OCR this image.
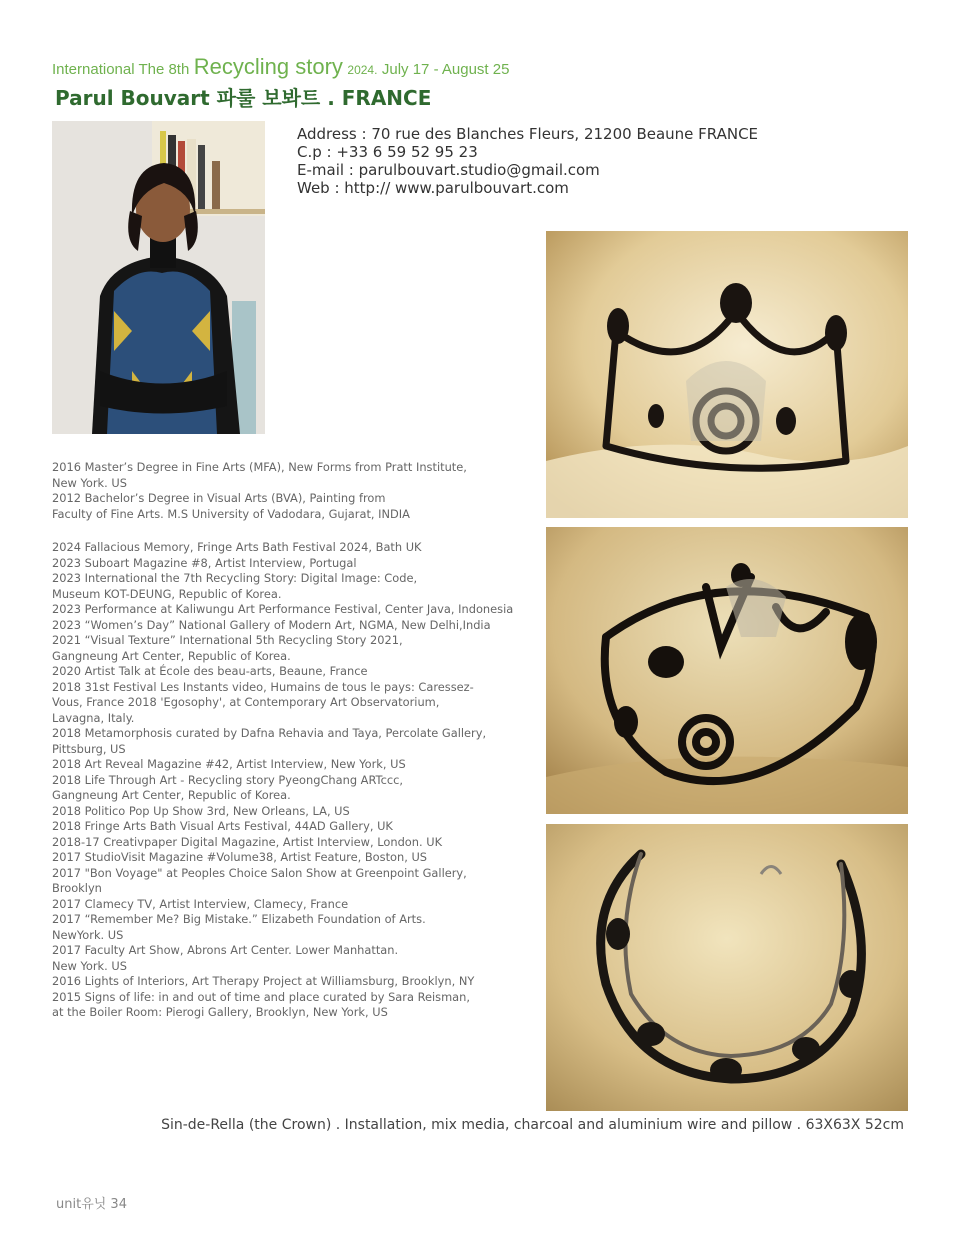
International The 8th Recycling story 2024. July 17 - August 25
Parul Bouvart 파룰 보봐트 . FRANCE
Address : 70 rue des Blanches Fleurs, 21200 Beaune FRANCE
C.p : +33 6 59 52 95 23
E-mail : parulbouvart.studio@gmail.com
Web : http:// www.parulbouvart.com
2016 Master’s Degree in Fine Arts (MFA), New Forms from Pratt Institute,
New York. US
2012 Bachelor’s Degree in Visual Arts (BVA), Painting from
Faculty of Fine Arts. M.S University of Vadodara, Gujarat, INDIA
2024 Fallacious Memory, Fringe Arts Bath Festival 2024, Bath UK
2023 Suboart Magazine #8, Artist Interview, Portugal
2023 International the 7th Recycling Story: Digital Image: Code,
Museum KOT-DEUNG, Republic of Korea.
2023 Performance at Kaliwungu Art Performance Festival, Center Java, Indonesia
2023 “Women’s Day” National Gallery of Modern Art, NGMA, New Delhi,India
2021 “Visual Texture” International 5th Recycling Story 2021,
Gangneung Art Center, Republic of Korea.
2020 Artist Talk at École des beau-arts, Beaune, France
2018 31st Festival Les Instants video, Humains de tous le pays: Caressez-
Vous, France 2018 'Egosophy', at Contemporary Art Observatorium,
Lavagna, Italy.
2018 Metamorphosis curated by Dafna Rehavia and Taya, Percolate Gallery,
Pittsburg, US
2018 Art Reveal Magazine #42, Artist Interview, New York, US
2018 Life Through Art - Recycling story PyeongChang ARTccc,
Gangneung Art Center, Republic of Korea.
2018 Politico Pop Up Show 3rd, New Orleans, LA, US
2018 Fringe Arts Bath Visual Arts Festival, 44AD Gallery, UK
2018-17 Creativpaper Digital Magazine, Artist Interview, London. UK
2017 StudioVisit Magazine #Volume38, Artist Feature, Boston, US
2017 "Bon Voyage" at Peoples Choice Salon Show at Greenpoint Gallery,
Brooklyn
2017 Clamecy TV, Artist Interview, Clamecy, France
2017 “Remember Me? Big Mistake.” Elizabeth Foundation of Arts.
NewYork. US
2017 Faculty Art Show, Abrons Art Center. Lower Manhattan.
New York. US
2016 Lights of Interiors, Art Therapy Project at Williamsburg, Brooklyn, NY
2015 Signs of life: in and out of time and place curated by Sara Reisman,
at the Boiler Room: Pierogi Gallery, Brooklyn, New York, US
Sin-de-Rella (the Crown) . Installation, mix media, charcoal and aluminium wire and pillow . 63X63X 52cm
unit유닛 34
